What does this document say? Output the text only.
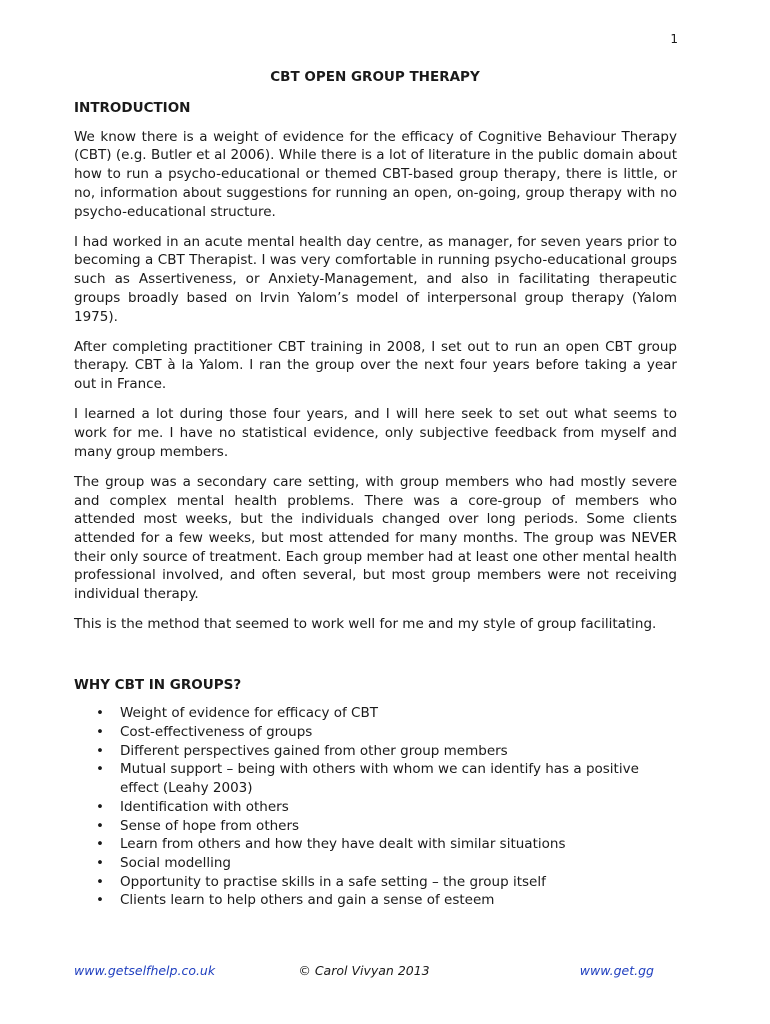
1
CBT OPEN GROUP THERAPY
INTRODUCTION

We know there is a weight of evidence for the efficacy of Cognitive Behaviour Therapy (CBT) (e.g. Butler et al 2006). While there is a lot of literature in the public domain about how to run a psycho-educational or themed CBT-based group therapy, there is little, or no, information about suggestions for running an open, on-going, group therapy with no psycho-educational structure.

I had worked in an acute mental health day centre, as manager, for seven years prior to becoming a CBT Therapist. I was very comfortable in running psycho-educational groups such as Assertiveness, or Anxiety-Management, and also in facilitating therapeutic groups broadly based on Irvin Yalom’s model of interpersonal group therapy (Yalom 1975).

After completing practitioner CBT training in 2008, I set out to run an open CBT group therapy. CBT à la Yalom. I ran the group over the next four years before taking a year out in France.

I learned a lot during those four years, and I will here seek to set out what seems to work for me. I have no statistical evidence, only subjective feedback from myself and many group members.

The group was a secondary care setting, with group members who had mostly severe and complex mental health problems. There was a core-group of members who attended most weeks, but the individuals changed over long periods. Some clients attended for a few weeks, but most attended for many months. The group was NEVER their only source of treatment. Each group member had at least one other mental health professional involved, and often several, but most group members were not receiving individual therapy.

This is the method that seemed to work well for me and my style of group facilitating.

WHY CBT IN GROUPS?
• Weight of evidence for efficacy of CBT
• Cost-effectiveness of groups
• Different perspectives gained from other group members
• Mutual support – being with others with whom we can identify has a positive effect (Leahy 2003)
• Identification with others
• Sense of hope from others
• Learn from others and how they have dealt with similar situations
• Social modelling
• Opportunity to practise skills in a safe setting – the group itself
• Clients learn to help others and gain a sense of esteem
www.getselfhelp.co.uk	© Carol Vivyan 2013	www.get.gg
